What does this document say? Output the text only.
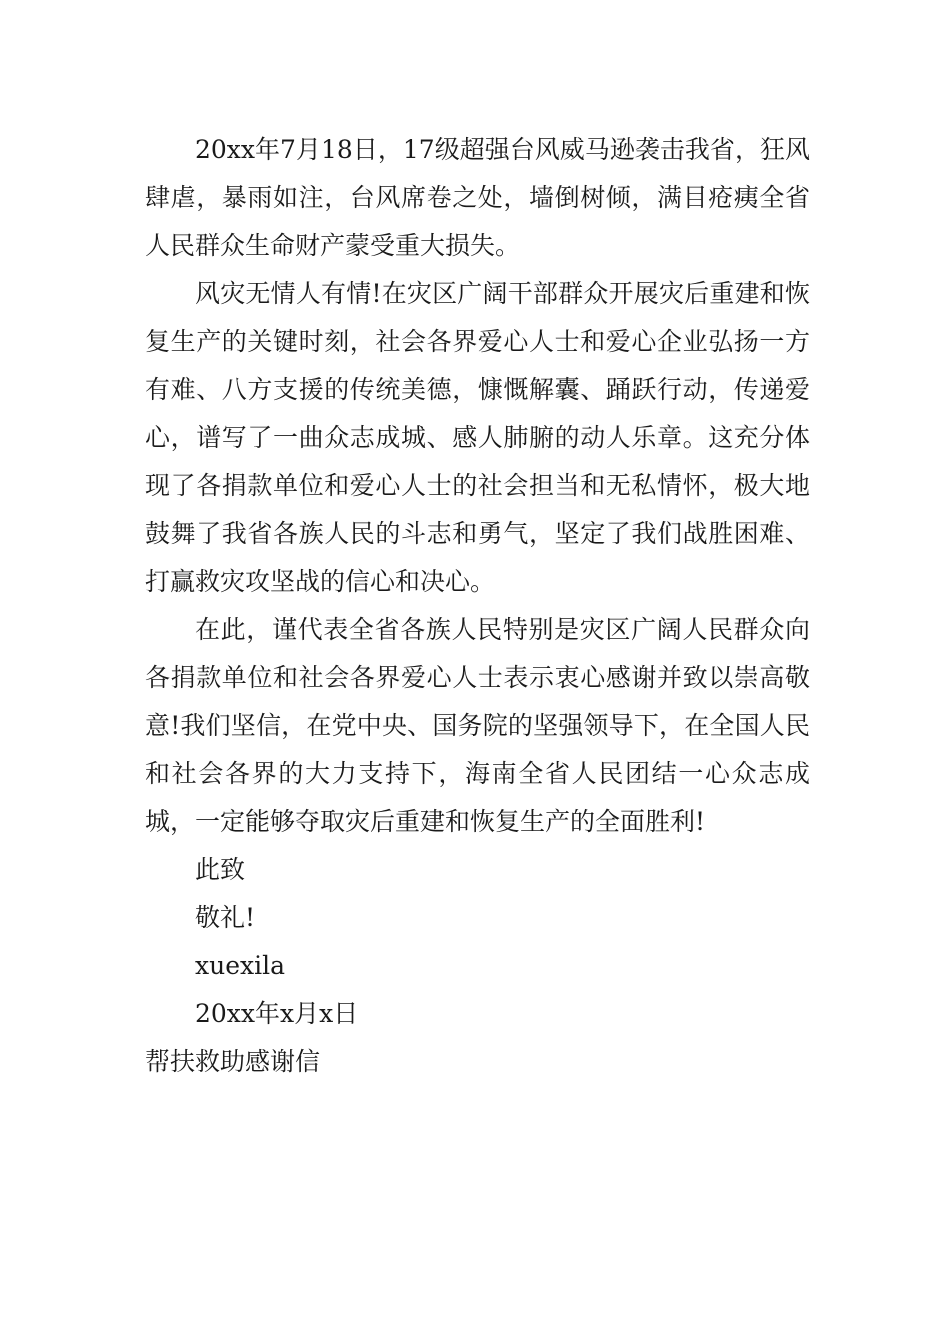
20xx年7月18日，17级超强台风威马逊袭击我省，狂风肆虐，暴雨如注，台风席卷之处，墙倒树倾，满目疮痍全省人民群众生命财产蒙受重大损失。

风灾无情人有情!在灾区广阔干部群众开展灾后重建和恢复生产的关键时刻，社会各界爱心人士和爱心企业弘扬一方有难、八方支援的传统美德，慷慨解囊、踊跃行动，传递爱心，谱写了一曲众志成城、感人肺腑的动人乐章。这充分体现了各捐款单位和爱心人士的社会担当和无私情怀，极大地鼓舞了我省各族人民的斗志和勇气，坚定了我们战胜困难、打赢救灾攻坚战的信心和决心。

在此，谨代表全省各族人民特别是灾区广阔人民群众向各捐款单位和社会各界爱心人士表示衷心感谢并致以崇高敬意!我们坚信，在党中央、国务院的坚强领导下，在全国人民和社会各界的大力支持下，海南全省人民团结一心众志成城，一定能够夺取灾后重建和恢复生产的全面胜利!

此致

敬礼!

xuexila

20xx年x月x日

帮扶救助感谢信
